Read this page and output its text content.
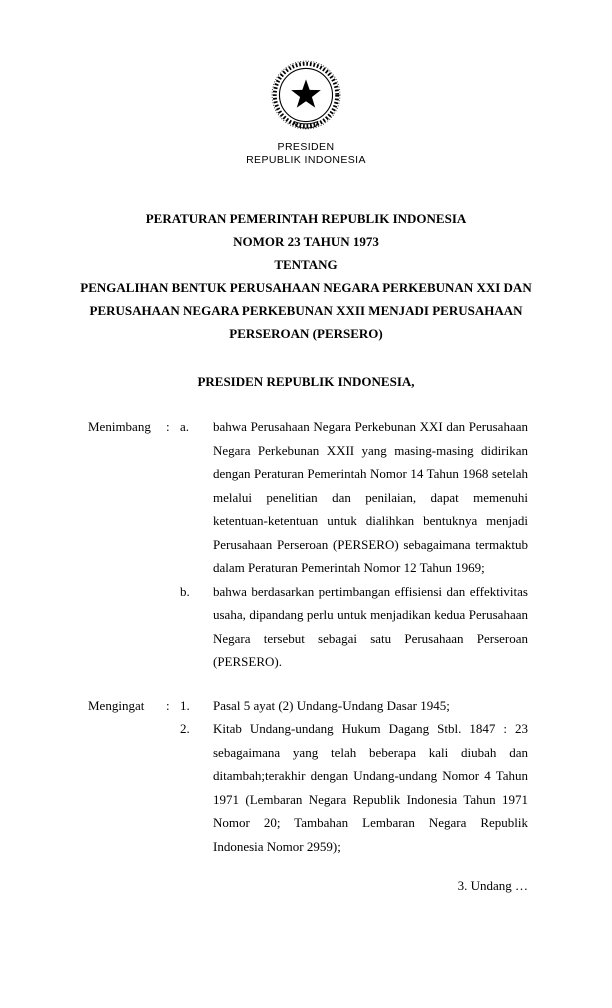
PRESIDEN
REPUBLIK INDONESIA
PERATURAN PEMERINTAH REPUBLIK INDONESIA
NOMOR 23 TAHUN 1973
TENTANG
PENGALIHAN BENTUK PERUSAHAAN NEGARA PERKEBUNAN XXI DAN
PERUSAHAAN NEGARA PERKEBUNAN XXII MENJADI PERUSAHAAN
PERSEROAN (PERSERO)
PRESIDEN REPUBLIK INDONESIA,
Menimbang	: a.	bahwa Perusahaan Negara Perkebunan XXI dan Perusahaan Negara Perkebunan XXII yang masing-masing didirikan dengan Peraturan Pemerintah Nomor 14 Tahun 1968 setelah melalui penelitian dan penilaian, dapat memenuhi ketentuan-ketentuan untuk dialihkan bentuknya menjadi Perusahaan Perseroan (PERSERO) sebagaimana termaktub dalam Peraturan Pemerintah Nomor 12 Tahun 1969;
b.	bahwa berdasarkan pertimbangan effisiensi dan effektivitas usaha, dipandang perlu untuk menjadikan kedua Perusahaan Negara tersebut sebagai satu Perusahaan Perseroan (PERSERO).
Mengingat	: 1.	Pasal 5 ayat (2) Undang-Undang Dasar 1945;
2.	Kitab Undang-undang Hukum Dagang Stbl. 1847 : 23 sebagaimana yang telah beberapa kali diubah dan ditambah;terakhir dengan Undang-undang Nomor 4 Tahun 1971 (Lembaran Negara Republik Indonesia Tahun 1971 Nomor 20; Tambahan Lembaran Negara Republik Indonesia Nomor 2959);
3. Undang …
